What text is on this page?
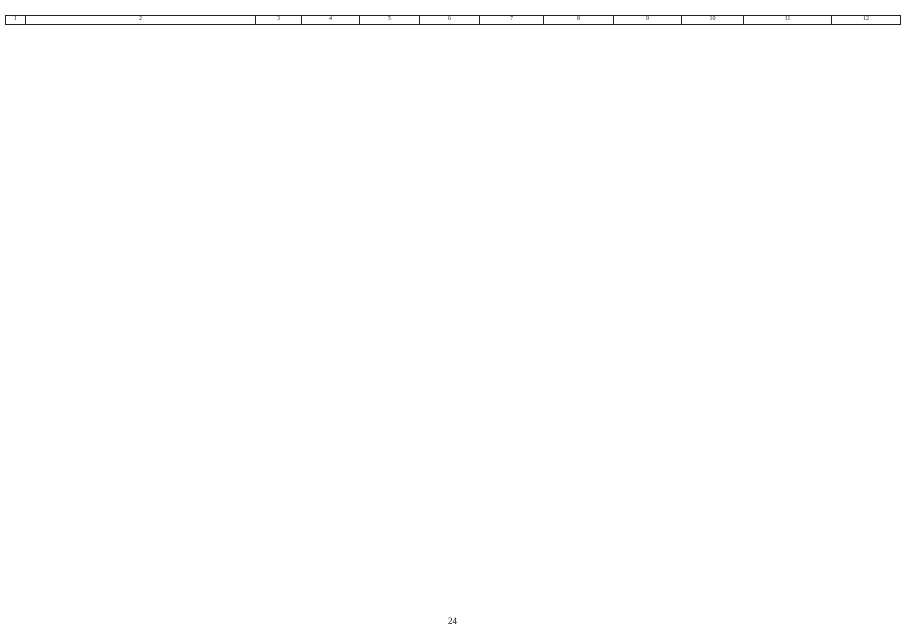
1	2	3	4	5	6	7	8	9	10	11	12
24
